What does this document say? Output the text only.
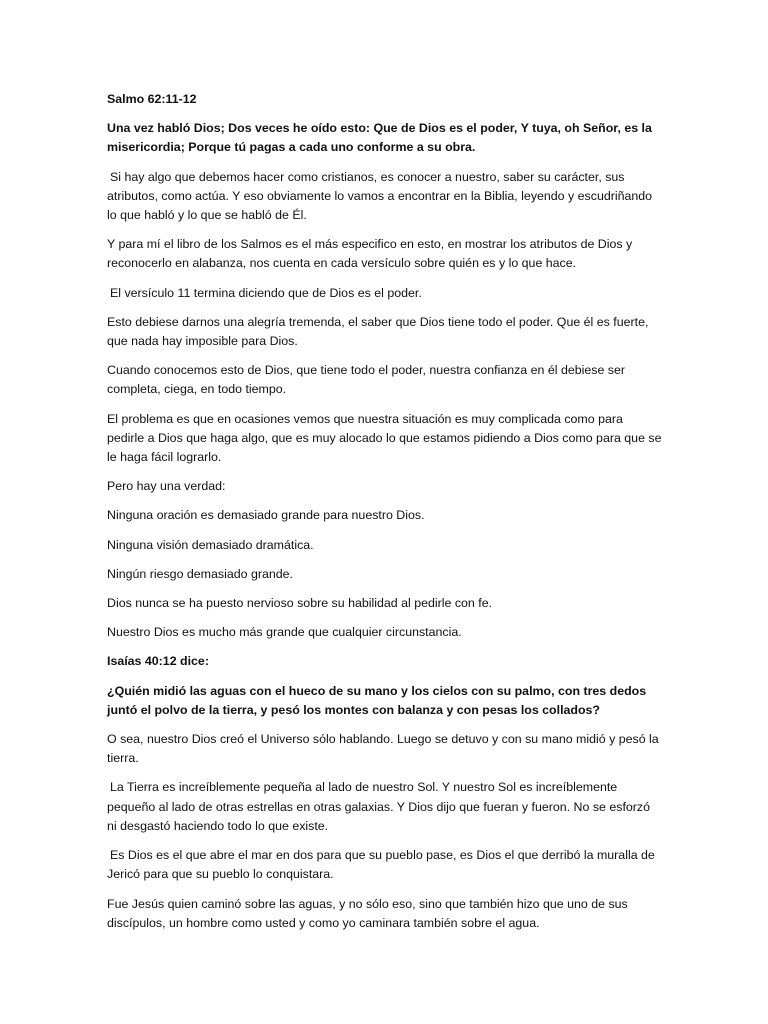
Salmo 62:11-12

Una vez habló Dios; Dos veces he oído esto: Que de Dios es el poder, Y tuya, oh Señor, es la misericordia; Porque tú pagas a cada uno conforme a su obra.

Si hay algo que debemos hacer como cristianos, es conocer a nuestro, saber su carácter, sus atributos, como actúa. Y eso obviamente lo vamos a encontrar en la Biblia, leyendo y escudriñando lo que habló y lo que se habló de Él.

Y para mí el libro de los Salmos es el más especifico en esto, en mostrar los atributos de Dios y reconocerlo en alabanza, nos cuenta en cada versículo sobre quién es y lo que hace.

El versículo 11 termina diciendo que de Dios es el poder.

Esto debiese darnos una alegría tremenda, el saber que Dios tiene todo el poder. Que él es fuerte, que nada hay imposible para Dios.

Cuando conocemos esto de Dios, que tiene todo el poder, nuestra confianza en él debiese ser completa, ciega, en todo tiempo.

El problema es que en ocasiones vemos que nuestra situación es muy complicada como para pedirle a Dios que haga algo, que es muy alocado lo que estamos pidiendo a Dios como para que se le haga fácil lograrlo.

Pero hay una verdad:

Ninguna oración es demasiado grande para nuestro Dios.

Ninguna visión demasiado dramática.

Ningún riesgo demasiado grande.

Dios nunca se ha puesto nervioso sobre su habilidad al pedirle con fe.

Nuestro Dios es mucho más grande que cualquier circunstancia.

Isaías 40:12 dice:

¿Quién midió las aguas con el hueco de su mano y los cielos con su palmo, con tres dedos juntó el polvo de la tierra, y pesó los montes con balanza y con pesas los collados?

O sea, nuestro Dios creó el Universo sólo hablando. Luego se detuvo y con su mano midió y pesó la tierra.

La Tierra es increíblemente pequeña al lado de nuestro Sol. Y nuestro Sol es increíblemente pequeño al lado de otras estrellas en otras galaxias. Y Dios dijo que fueran y fueron. No se esforzó ni desgastó haciendo todo lo que existe.

Es Dios es el que abre el mar en dos para que su pueblo pase, es Dios el que derribó la muralla de Jericó para que su pueblo lo conquistara.

Fue Jesús quien caminó sobre las aguas, y no sólo eso, sino que también hizo que uno de sus discípulos, un hombre como usted y como yo caminara también sobre el agua.
